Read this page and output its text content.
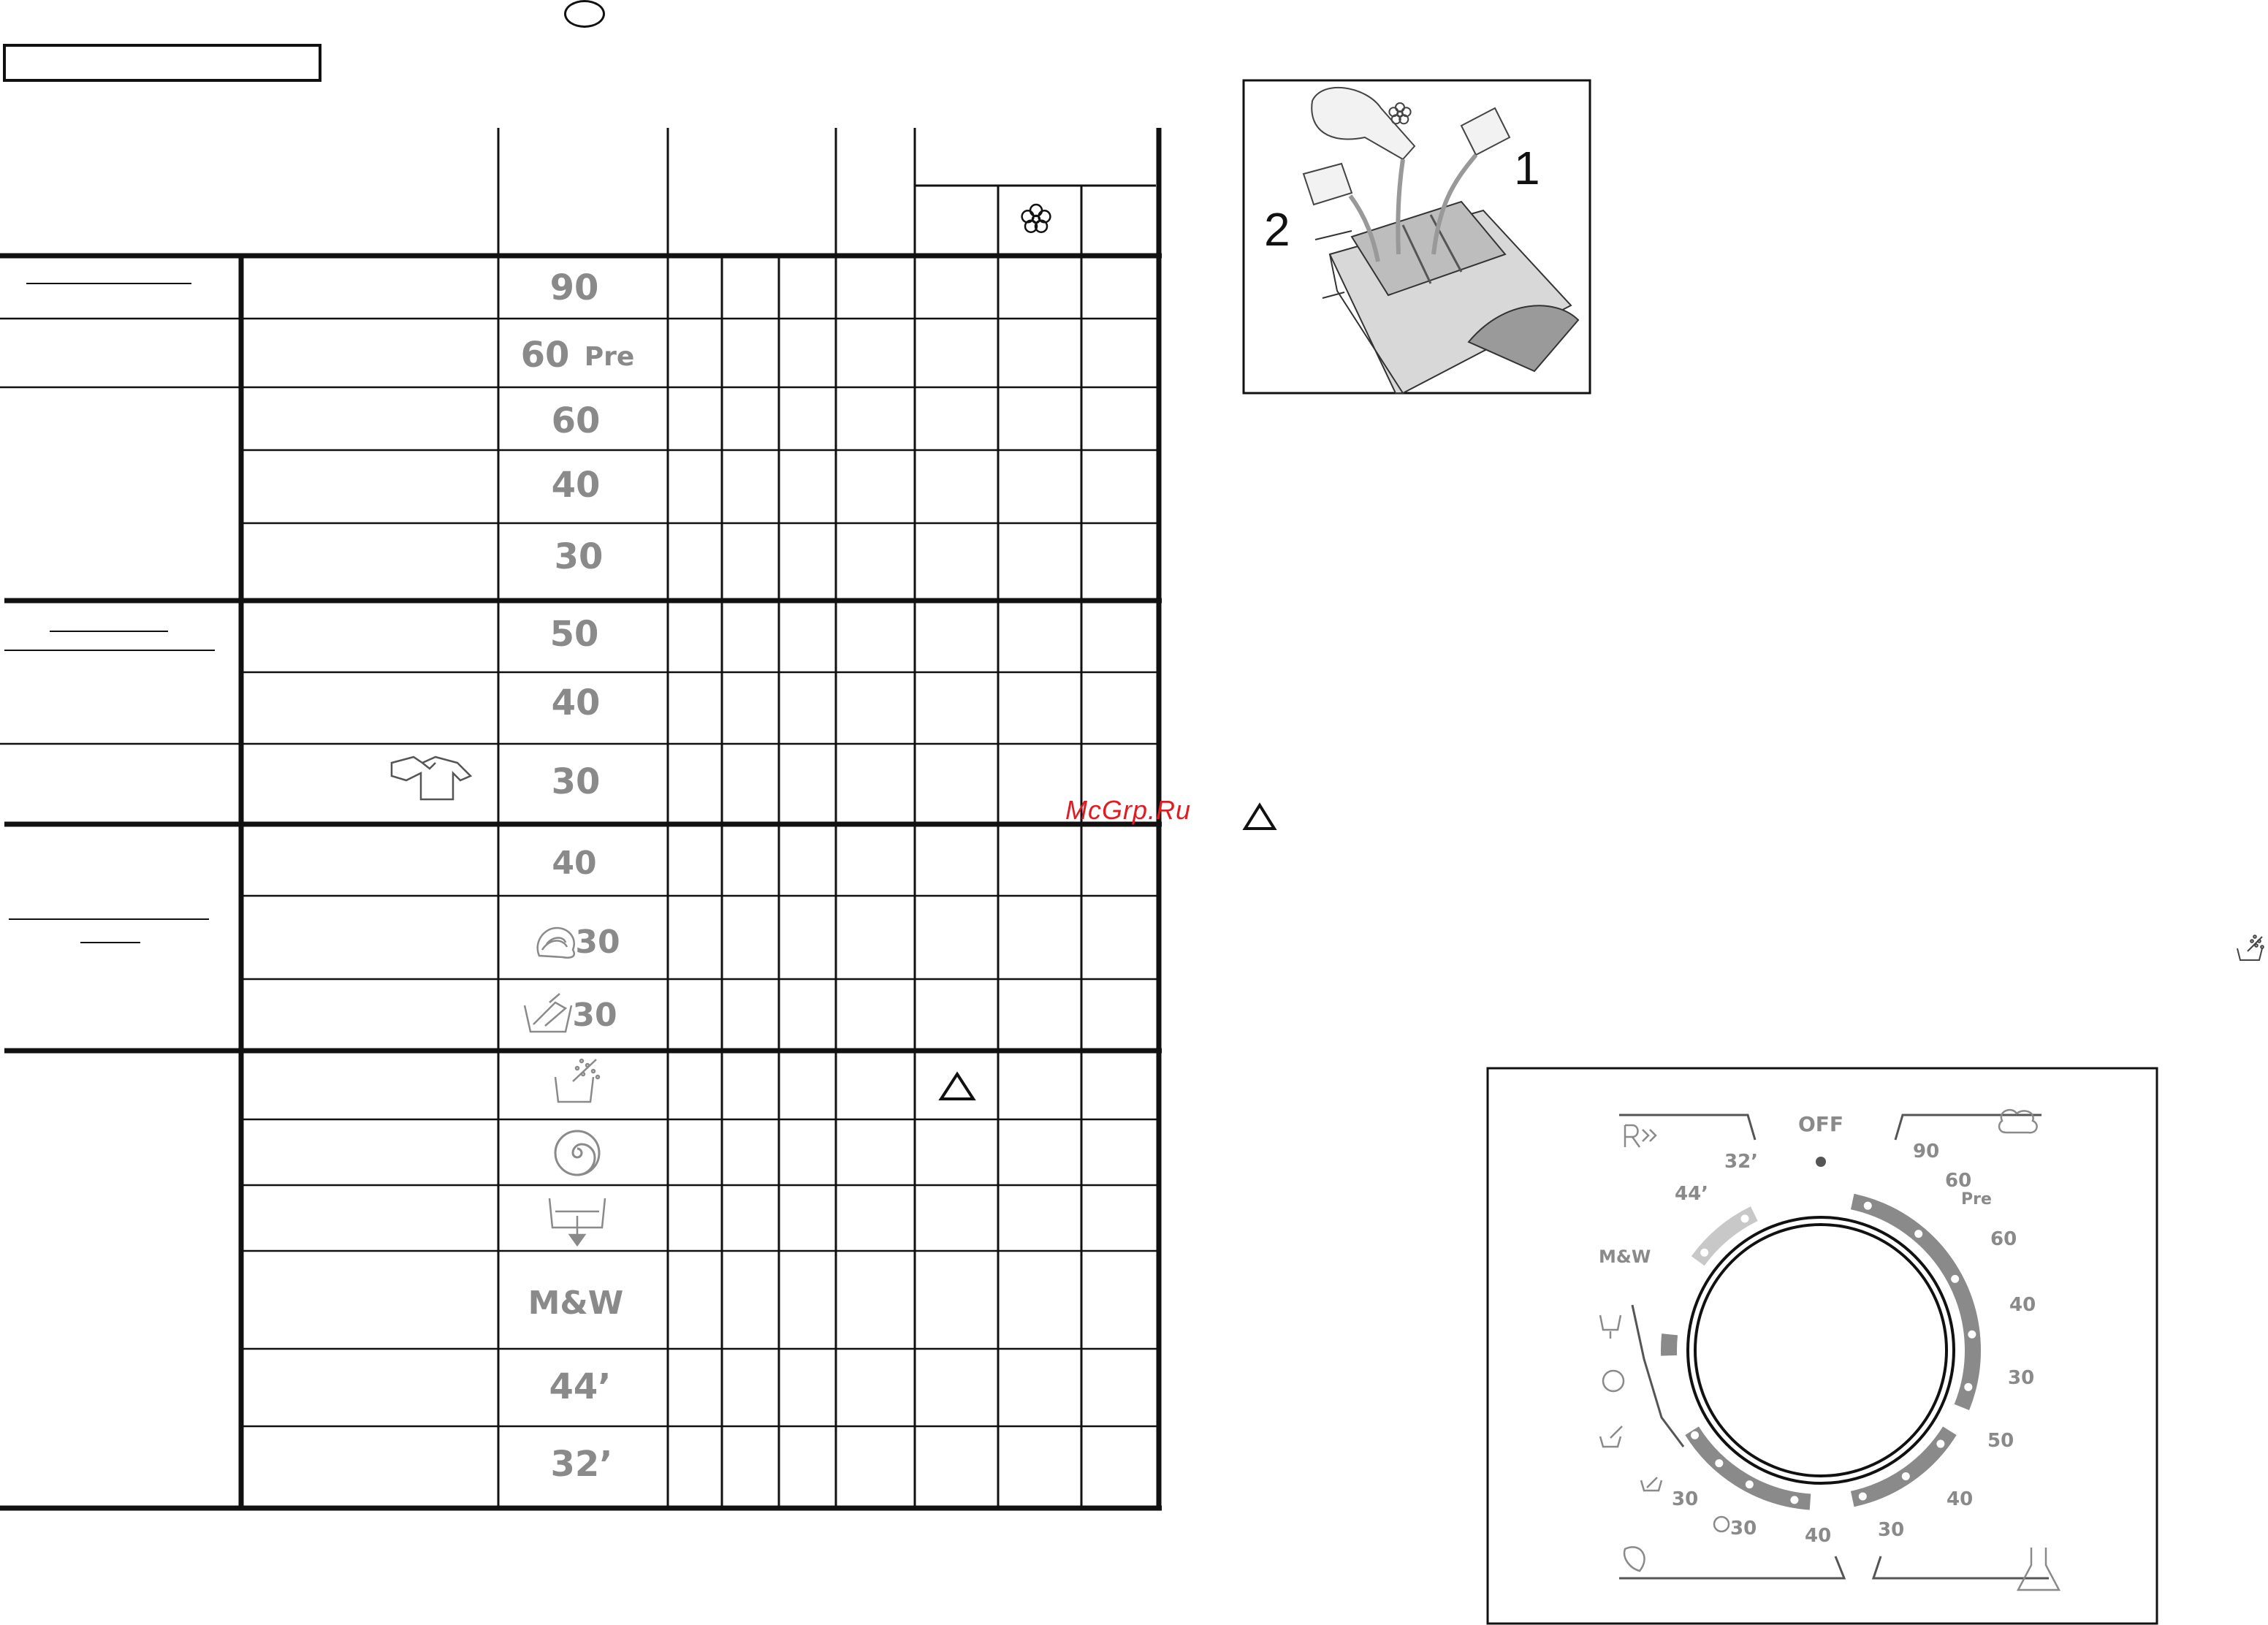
90
60 Pre
60
40
30
50
40
30
40
30
30
M&W
44’
32’
McGrp.Ru
1
2
OFF
90
60
Pre
60
40
30
50
40
30
40
30
30
44’
32’
M&W
